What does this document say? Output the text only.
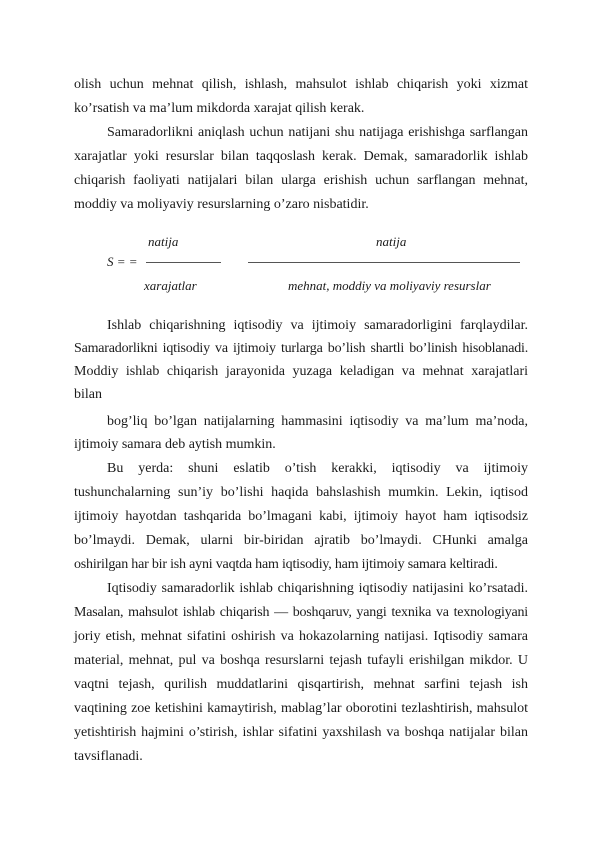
olish uchun mehnat qilish, ishlash, mahsulot ishlab chiqarish yoki xizmat
ko’rsatish va ma’lum mikdorda xarajat qilish kerak.
Samaradorlikni aniqlash uchun natijani shu natijaga erishishga sarflangan
xarajatlar yoki resurslar bilan taqqoslash kerak. Demak, samaradorlik ishlab
chiqarish faoliyati natijalari bilan ularga erishish uchun sarflangan mehnat,
moddiy va moliyaviy resurslarning o’zaro nisbatidir.
natija	natija
S = =
xarajatlar	mehnat, moddiy va moliyaviy resurslar
Ishlab chiqarishning iqtisodiy va ijtimoiy samaradorligini farqlaydilar.
Samaradorlikni iqtisodiy va ijtimoiy turlarga bo’lish shartli bo’linish hisoblanadi.
Moddiy ishlab chiqarish jarayonida yuzaga keladigan va mehnat xarajatlari
bilan
bog’liq bo’lgan natijalarning hammasini iqtisodiy va ma’lum ma’noda,
ijtimoiy samara deb aytish mumkin.
Bu yerda: shuni eslatib o’tish kerakki, iqtisodiy va ijtimoiy
tushunchalarning sun’iy bo’lishi haqida bahslashish mumkin. Lekin, iqtisod
ijtimoiy hayotdan tashqarida bo’lmagani kabi, ijtimoiy hayot ham iqtisodsiz
bo’lmaydi. Demak, ularni bir-biridan ajratib bo’lmaydi. CHunki amalga
oshirilgan har bir ish ayni vaqtda ham iqtisodiy, ham ijtimoiy samara keltiradi.
Iqtisodiy samaradorlik ishlab chiqarishning iqtisodiy natijasini ko’rsatadi.
Masalan, mahsulot ishlab chiqarish — boshqaruv, yangi texnika va texnologiyani
joriy etish, mehnat sifatini oshirish va hokazolarning natijasi. Iqtisodiy samara
material, mehnat, pul va boshqa resurslarni tejash tufayli erishilgan mikdor. U
vaqtni tejash, qurilish muddatlarini qisqartirish, mehnat sarfini tejash ish
vaqtining zoe ketishini kamaytirish, mablag’lar oborotini tezlashtirish, mahsulot
yetishtirish hajmini o’stirish, ishlar sifatini yaxshilash va boshqa natijalar bilan
tavsiflanadi.
